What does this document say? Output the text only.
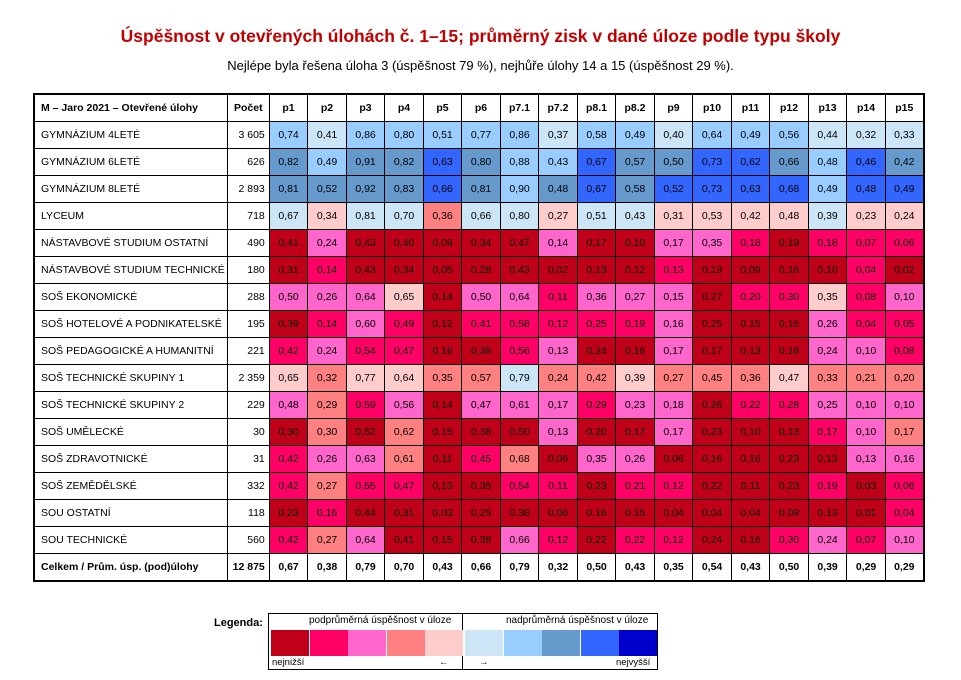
Úspěšnost v otevřených úlohách č. 1–15; průměrný zisk v dané úloze podle typu školy
Nejlépe byla řešena úloha 3 (úspěšnost 79 %), nejhůře úlohy 14 a 15 (úspěšnost 29 %).
M – Jaro 2021 – Otevřené úlohy	Počet	p1	p2	p3	p4	p5	p6	p7.1	p7.2	p8.1	p8.2	p9	p10	p11	p12	p13	p14	p15
GYMNÁZIUM 4LETÉ	3 605	0,74	0,41	0,86	0,80	0,51	0,77	0,86	0,37	0,58	0,49	0,40	0,64	0,49	0,56	0,44	0,32	0,33
GYMNÁZIUM 6LETÉ	626	0,82	0,49	0,91	0,82	0,63	0,80	0,88	0,43	0,67	0,57	0,50	0,73	0,62	0,66	0,48	0,46	0,42
GYMNÁZIUM 8LETÉ	2 893	0,81	0,52	0,92	0,83	0,66	0,81	0,90	0,48	0,67	0,58	0,52	0,73	0,63	0,68	0,49	0,48	0,49
LYCEUM	718	0,67	0,34	0,81	0,70	0,36	0,66	0,80	0,27	0,51	0,43	0,31	0,53	0,42	0,48	0,39	0,23	0,24
NÁSTAVBOVÉ STUDIUM OSTATNÍ	490	0,41	0,24	0,43	0,40	0,09	0,34	0,47	0,14	0,17	0,10	0,17	0,35	0,18	0,19	0,18	0,07	0,06
NÁSTAVBOVÉ STUDIUM TECHNICKÉ	180	0,31	0,14	0,43	0,34	0,05	0,28	0,43	0,02	0,13	0,12	0,13	0,19	0,09	0,16	0,10	0,04	0,02
SOŠ EKONOMICKÉ	288	0,50	0,26	0,64	0,65	0,14	0,50	0,64	0,11	0,36	0,27	0,15	0,27	0,20	0,30	0,35	0,08	0,10
SOŠ HOTELOVÉ A PODNIKATELSKÉ	195	0,39	0,14	0,60	0,49	0,12	0,41	0,58	0,12	0,25	0,19	0,16	0,25	0,15	0,16	0,26	0,04	0,05
SOŠ PEDAGOGICKÉ A HUMANITNÍ	221	0,42	0,24	0,54	0,47	0,16	0,36	0,56	0,13	0,24	0,16	0,17	0,17	0,13	0,18	0,24	0,10	0,08
SOŠ TECHNICKÉ SKUPINY 1	2 359	0,65	0,32	0,77	0,64	0,35	0,57	0,79	0,24	0,42	0,39	0,27	0,45	0,36	0,47	0,33	0,21	0,20
SOŠ TECHNICKÉ SKUPINY 2	229	0,48	0,29	0,59	0,56	0,14	0,47	0,61	0,17	0,29	0,23	0,18	0,26	0,22	0,28	0,25	0,10	0,10
SOŠ UMĚLECKÉ	30	0,30	0,30	0,52	0,62	0,15	0,38	0,50	0,13	0,20	0,17	0,17	0,23	0,10	0,13	0,17	0,10	0,17
SOŠ ZDRAVOTNICKÉ	31	0,42	0,26	0,63	0,61	0,11	0,45	0,68	0,06	0,35	0,26	0,06	0,16	0,16	0,23	0,13	0,13	0,16
SOŠ ZEMĚDĚLSKÉ	332	0,42	0,27	0,55	0,47	0,13	0,35	0,54	0,11	0,23	0,21	0,12	0,22	0,11	0,23	0,19	0,03	0,06
SOU OSTATNÍ	118	0,23	0,16	0,44	0,31	0,03	0,25	0,38	0,06	0,16	0,15	0,04	0,04	0,04	0,09	0,13	0,01	0,04
SOU TECHNICKÉ	560	0,42	0,27	0,64	0,41	0,15	0,38	0,66	0,12	0,22	0,22	0,12	0,24	0,16	0,30	0,24	0,07	0,10
Celkem / Prům. úsp. (pod)úlohy	12 875	0,67	0,38	0,79	0,70	0,43	0,66	0,79	0,32	0,50	0,43	0,35	0,54	0,43	0,50	0,39	0,29	0,29
Legenda:	podprůměrná úspěšnost v úloze	nadprůměrná úspěšnost v úloze
nejnižší	←	→	nejvyšší
